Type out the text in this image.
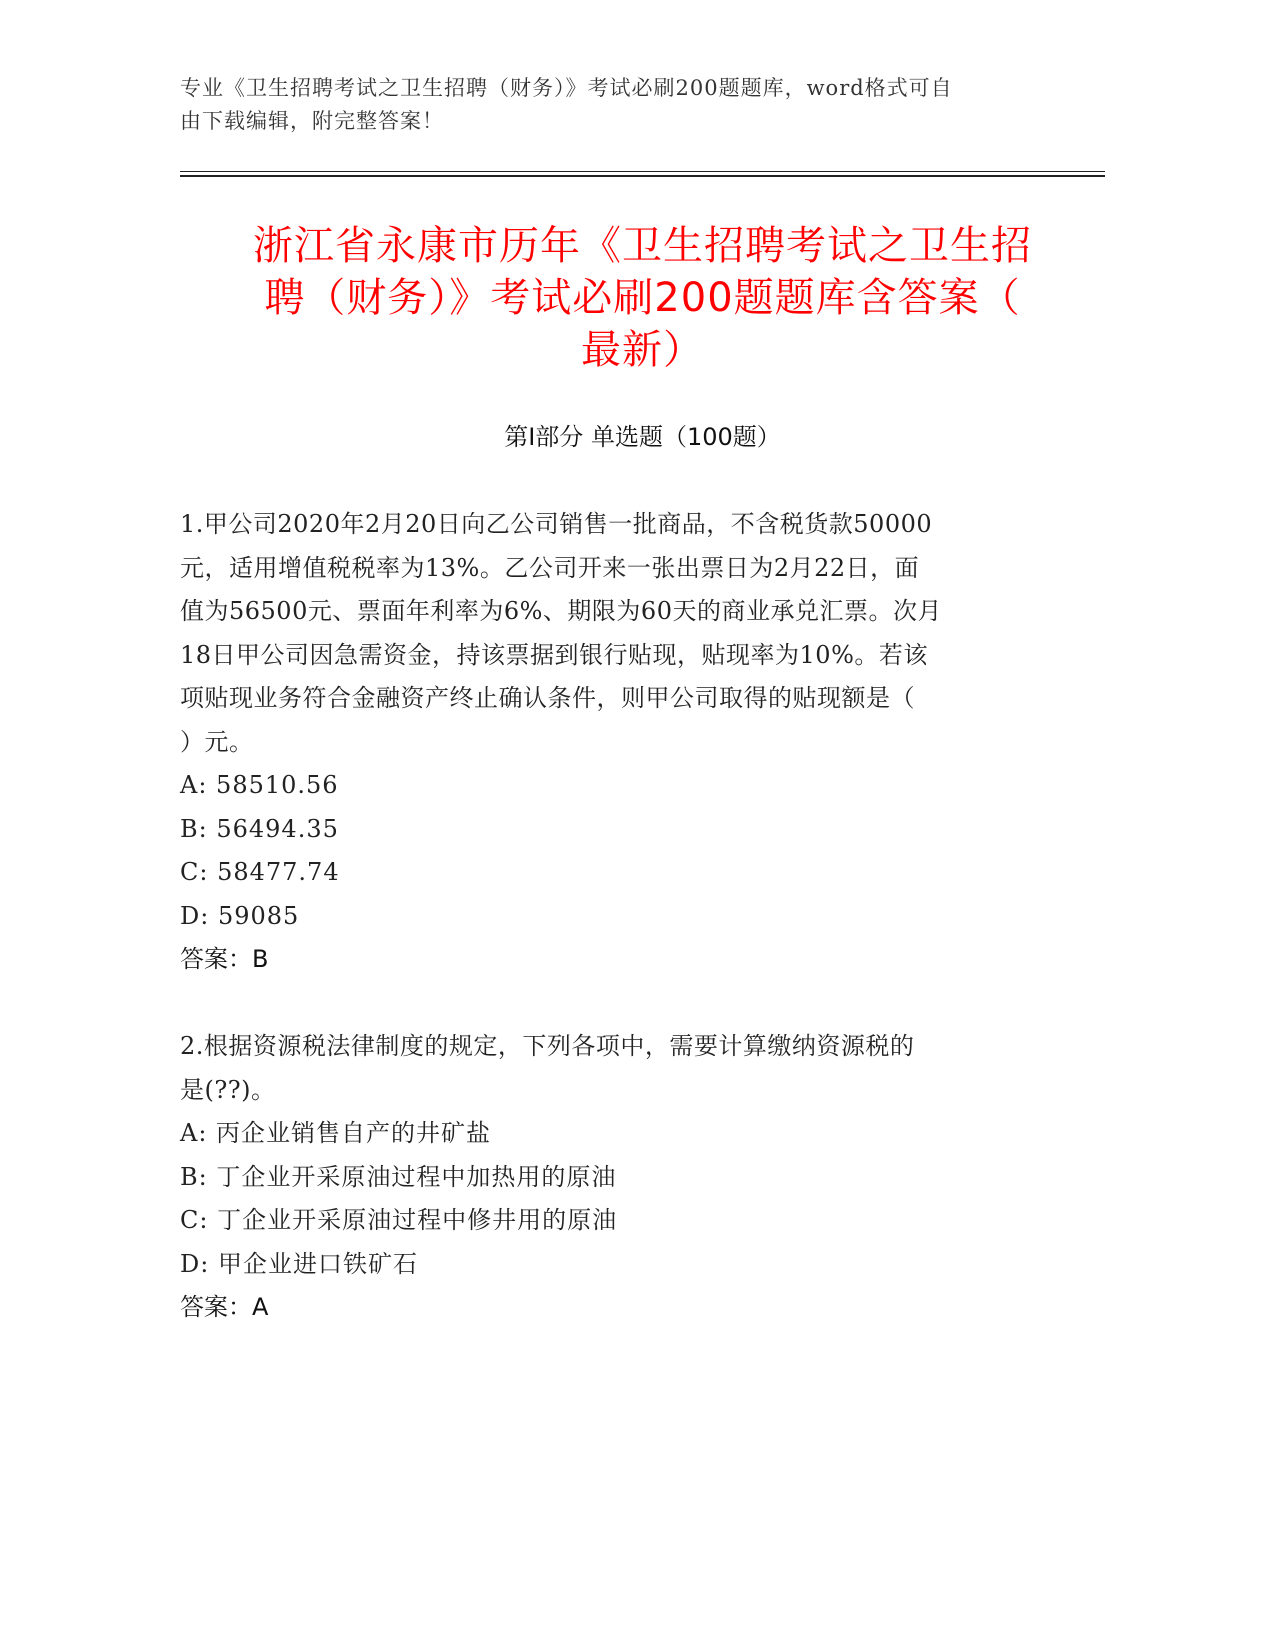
专业《卫生招聘考试之卫生招聘（财务）》考试必刷200题题库，word格式可自
由下载编辑，附完整答案！
浙江省永康市历年《卫生招聘考试之卫生招
聘（财务）》考试必刷200题题库含答案（
最新）
第I部分 单选题（100题）
1.甲公司2020年2月20日向乙公司销售一批商品，不含税货款50000
元，适用增值税税率为13%。乙公司开来一张出票日为2月22日，面
值为56500元、票面年利率为6%、期限为60天的商业承兑汇票。次月
18日甲公司因急需资金，持该票据到银行贴现，贴现率为10%。若该
项贴现业务符合金融资产终止确认条件，则甲公司取得的贴现额是（
）元。
A: 58510.56
B: 56494.35
C: 58477.74
D: 59085
答案：B
2.根据资源税法律制度的规定，下列各项中，需要计算缴纳资源税的
是(??)。
A: 丙企业销售自产的井矿盐
B: 丁企业开采原油过程中加热用的原油
C: 丁企业开采原油过程中修井用的原油
D: 甲企业进口铁矿石
答案：A
